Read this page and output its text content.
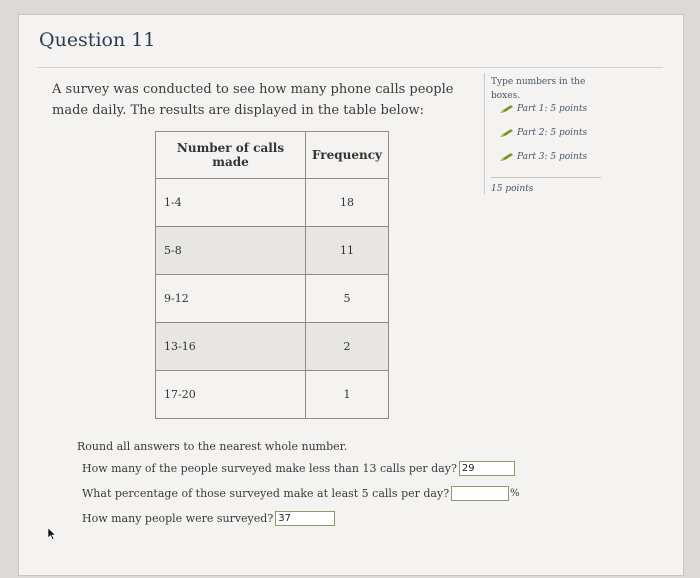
Question 11
A survey was conducted to see how many phone calls people made daily. The results are displayed in the table below:
Type numbers in the boxes.
Part 1: 5 points
Part 2: 5 points
Part 3: 5 points
15 points
Number of calls made	Frequency
1-4	18
5-8	11
9-12	5
13-16	2
17-20	1
Round all answers to the nearest whole number.
How many of the people surveyed make less than 13 calls per day?
29
What percentage of those surveyed make at least 5 calls per day?	%
How many people were surveyed?
37
